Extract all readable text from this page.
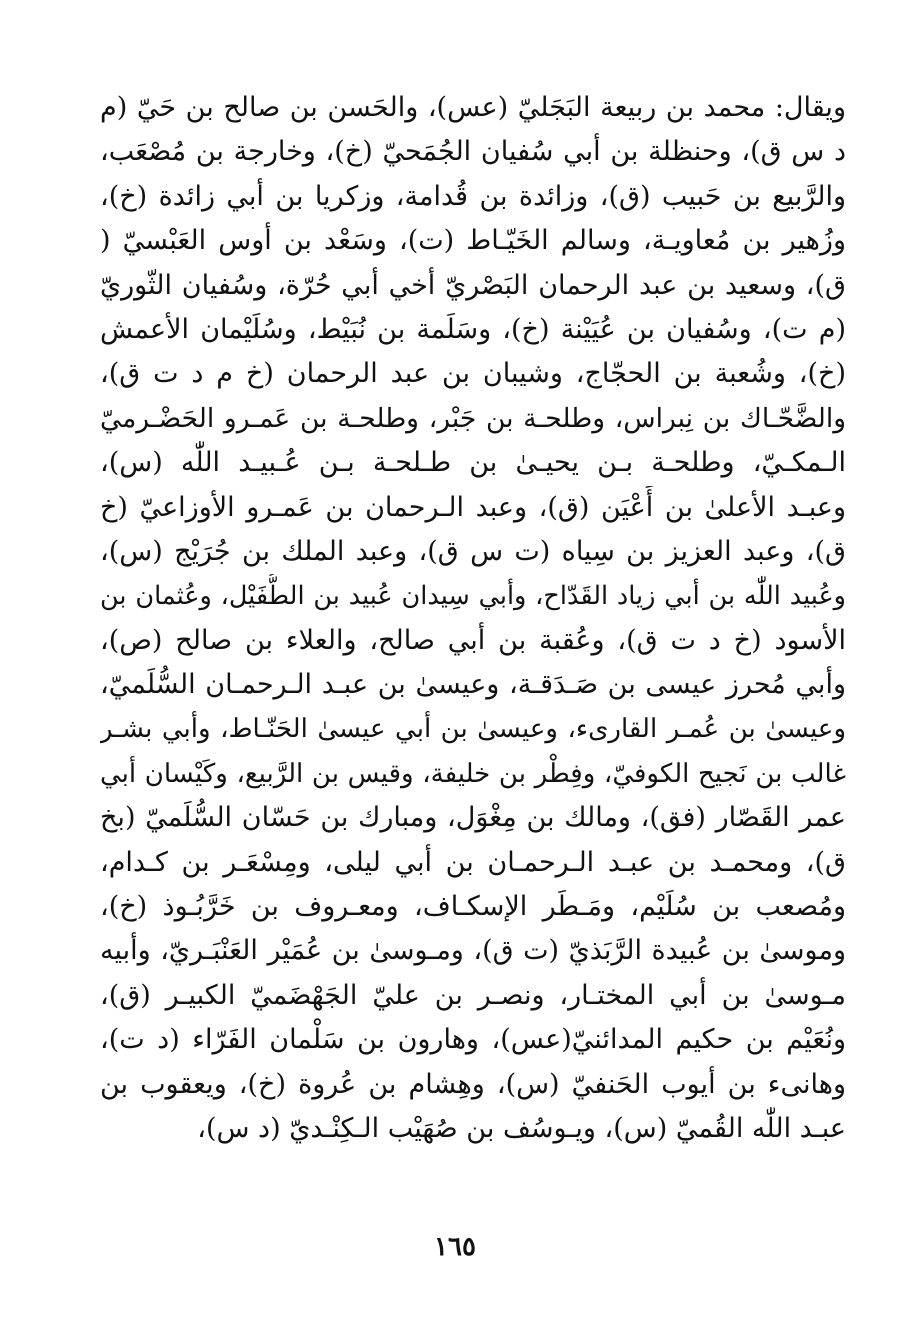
ويقال: محمد بن ربيعة البَجَليّ (عس)، والحَسن بن صالح بن حَيّ (م
د س ق)، وحنظلة بن أبي سُفيان الجُمَحيّ (خ)، وخارجة بن مُصْعَب،
والرَّبيع بن حَبيب (ق)، وزائدة بن قُدامة، وزكريا بن أبي زائدة (خ)،
وزُهير بن مُعاويـة، وسالم الخَيّـاط (ت)، وسَعْد بن أوس العَبْسيّ (
ق)، وسعيد بن عبد الرحمان البَصْريّ أخي أبي حُرّة، وسُفيان الثّوريّ
(م ت)، وسُفيان بن عُيَيْنة (خ)، وسَلَمة بن نُبَيْط، وسُلَيْمان الأعمش
(خ)، وشُعبة بن الحجّاج، وشيبان بن عبد الرحمان (خ م د ت ق)،
والضَّحّـاك بن نِبراس، وطلحـة بن جَبْر، وطلحـة بن عَمـرو الحَضْـرميّ
الـمكـيّ، وطلحـة بـن يحيـىٰ بن طـلحـة بـن عُـبيـد اللّٰه (س)،
وعبـد الأعلىٰ بن أَعْيَن (ق)، وعبد الـرحمان بن عَمـرو الأوزاعيّ (خ
ق)، وعبد العزيز بن سِياه (ت س ق)، وعبد الملك بن جُرَيْج (س)،
وعُبيد اللّٰه بن أبي زياد القَدّاح، وأبي سِيدان عُبيد بن الطُّفَيْل، وعُثمان بن
الأسود (خ د ت ق)، وعُقبة بن أبي صالح، والعلاء بن صالح (ص)،
وأبي مُحرز عيسى بن صَـدَقـة، وعيسىٰ بن عبـد الـرحمـان السُّلَميّ،
وعيسىٰ بن عُمـر القارىء، وعيسىٰ بن أبي عيسىٰ الحَنّـاط، وأبي بشـر
غالب بن نَجيح الكوفيّ، وفِطْر بن خليفة، وقيس بن الرَّبيع، وكَيْسان أبي
عمر القَصّار (فق)، ومالك بن مِغْوَل، ومبارك بن حَسّان السُّلَميّ (بخ
ق)، ومحمـد بن عبـد الـرحمـان بن أبي ليلى، ومِسْعَـر بن كـدام،
ومُصعب بن سُلَيْم، ومَـطَر الإسكـاف، ومعـروف بن خَرَّبُـوذ (خ)،
وموسىٰ بن عُبيدة الرَّبَذيّ (ت ق)، ومـوسىٰ بن عُمَيْر العَنْبَـريّ، وأبيه
مـوسىٰ بن أبي المختـار، ونصـر بن عليّ الجَهْضَميّ الكبيـر (ق)،
ونُعَيْم بن حكيم المدائنيّ(عس)، وهارون بن سَلْمان الفَرّاء (د ت)،
وهانىء بن أيوب الحَنفيّ (س)، وهِشام بن عُروة (خ)، ويعقوب بن
عبـد اللّٰه القُميّ (س)، ويـوسُف بن صُهَيْب الـكِنْـديّ (د س)،
١٦٥
